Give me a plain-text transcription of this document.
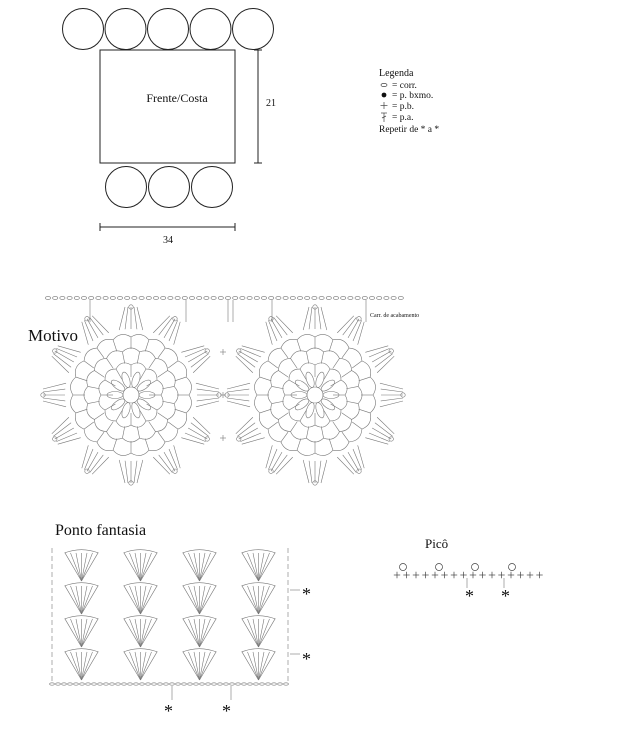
Frente/Costa	21
34
Legenda
= corr.
= p. bxmo.
= p.b.
= p.a.
Repetir de * a *
Carr. de acabamento
Motivo
Ponto fantasia
*
*
*	*
Picô
* *
